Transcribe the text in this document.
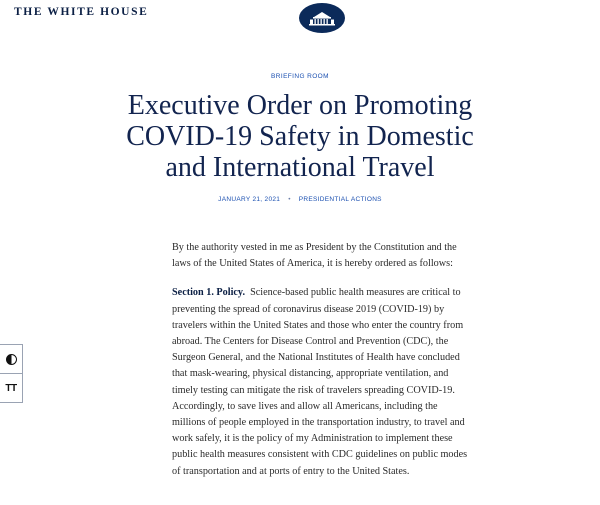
THE WHITE HOUSE
BRIEFING ROOM
Executive Order on Promoting COVID-19 Safety in Domestic and International Travel
JANUARY 21, 2021 • PRESIDENTIAL ACTIONS

By the authority vested in me as President by the Constitution and the laws of the United States of America, it is hereby ordered as follows:

Section 1. Policy. Science-based public health measures are critical to preventing the spread of coronavirus disease 2019 (COVID-19) by travelers within the United States and those who enter the country from abroad. The Centers for Disease Control and Prevention (CDC), the Surgeon General, and the National Institutes of Health have concluded that mask-wearing, physical distancing, appropriate ventilation, and timely testing can mitigate the risk of travelers spreading COVID-19. Accordingly, to save lives and allow all Americans, including the millions of people employed in the transportation industry, to travel and work safely, it is the policy of my Administration to implement these public health measures consistent with CDC guidelines on public modes of transportation and at ports of entry to the United States.

TT
